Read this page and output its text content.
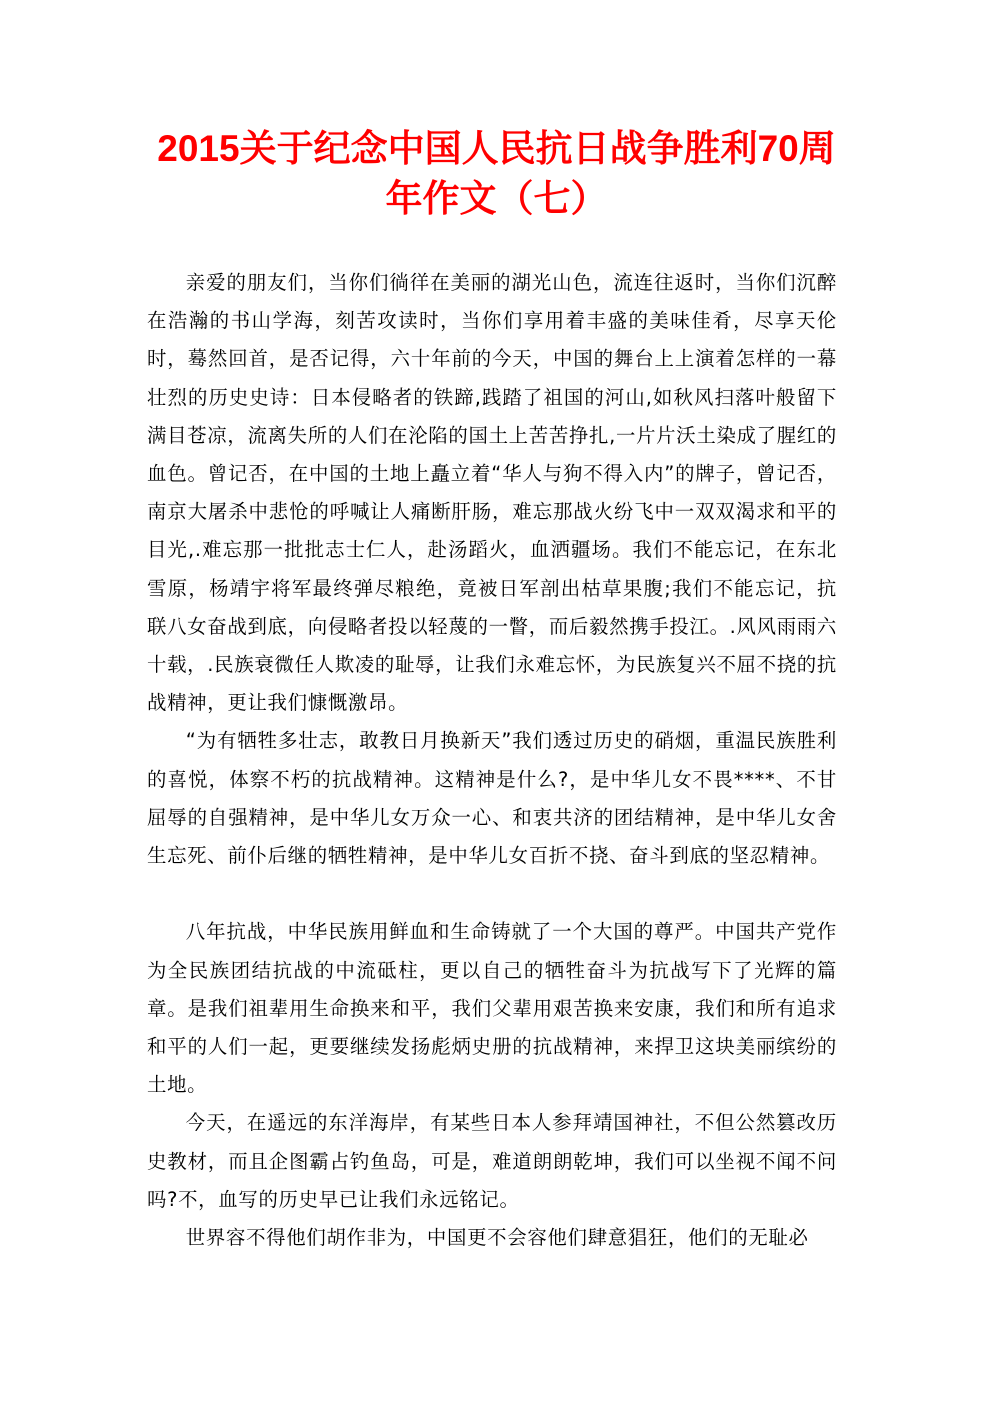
2015关于纪念中国人民抗日战争胜利70周
年作文（七）

亲爱的朋友们，当你们徜徉在美丽的湖光山色，流连往返时，当你们沉醉在浩瀚的书山学海，刻苦攻读时，当你们享用着丰盛的美味佳肴，尽享天伦时，蓦然回首，是否记得，六十年前的今天，中国的舞台上上演着怎样的一幕壮烈的历史史诗：日本侵略者的铁蹄,践踏了祖国的河山,如秋风扫落叶般留下满目苍凉，流离失所的人们在沦陷的国土上苦苦挣扎,一片片沃土染成了腥红的血色。曾记否，在中国的土地上矗立着“华人与狗不得入内”的牌子，曾记否，南京大屠杀中悲怆的呼喊让人痛断肝肠，难忘那战火纷飞中一双双渴求和平的目光,.难忘那一批批志士仁人，赴汤蹈火，血洒疆场。我们不能忘记，在东北雪原，杨靖宇将军最终弹尽粮绝，竟被日军剖出枯草果腹;我们不能忘记，抗联八女奋战到底，向侵略者投以轻蔑的一瞥，而后毅然携手投江。.风风雨雨六十载，.民族衰微任人欺凌的耻辱，让我们永难忘怀，为民族复兴不屈不挠的抗战精神，更让我们慷慨激昂。

“为有牺牲多壮志，敢教日月换新天”我们透过历史的硝烟，重温民族胜利的喜悦，体察不朽的抗战精神。这精神是什么?，是中华儿女不畏****、不甘屈辱的自强精神，是中华儿女万众一心、和衷共济的团结精神，是中华儿女舍生忘死、前仆后继的牺牲精神，是中华儿女百折不挠、奋斗到底的坚忍精神。

八年抗战，中华民族用鲜血和生命铸就了一个大国的尊严。中国共产党作为全民族团结抗战的中流砥柱，更以自己的牺牲奋斗为抗战写下了光辉的篇章。是我们祖辈用生命换来和平，我们父辈用艰苦换来安康，我们和所有追求和平的人们一起，更要继续发扬彪炳史册的抗战精神，来捍卫这块美丽缤纷的土地。

今天，在遥远的东洋海岸，有某些日本人参拜靖国神社，不但公然篡改历史教材，而且企图霸占钓鱼岛，可是，难道朗朗乾坤，我们可以坐视不闻不问吗?不，血写的历史早已让我们永远铭记。

世界容不得他们胡作非为，中国更不会容他们肆意猖狂，他们的无耻必
